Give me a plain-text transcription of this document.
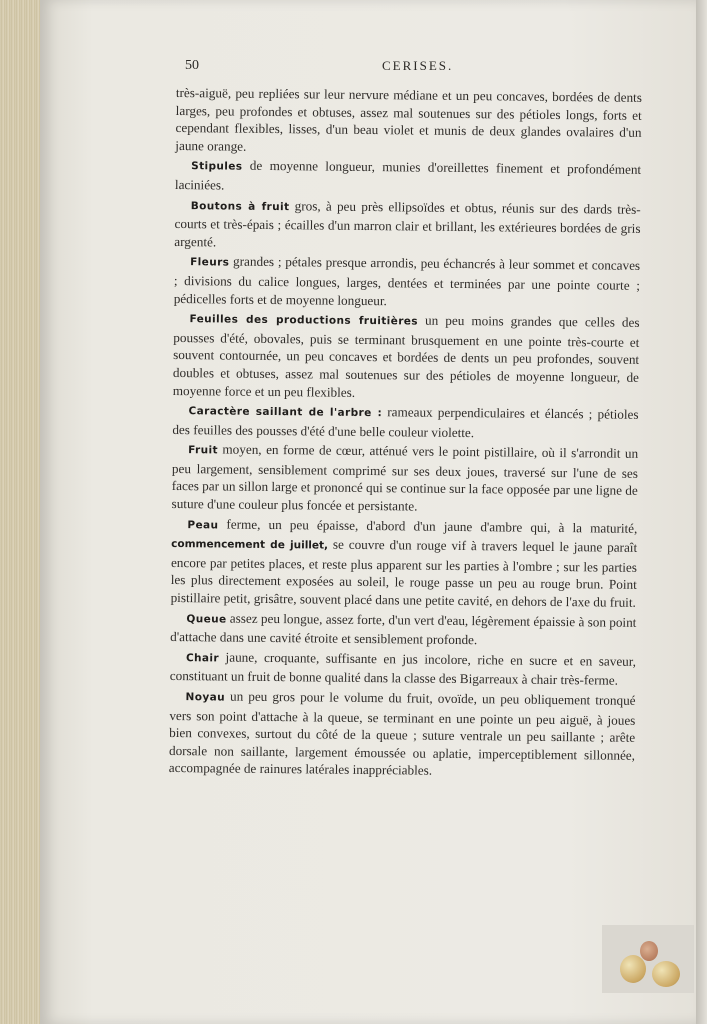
50	CERISES.

très-aiguë, peu repliées sur leur nervure médiane et un peu concaves, bordées de dents larges, peu profondes et obtuses, assez mal soutenues sur des pétioles longs, forts et cependant flexibles, lisses, d'un beau violet et munis de deux glandes ovalaires d'un jaune orange.

Stipules de moyenne longueur, munies d'oreillettes finement et profondément laciniées.

Boutons à fruit gros, à peu près ellipsoïdes et obtus, réunis sur des dards très-courts et très-épais ; écailles d'un marron clair et brillant, les extérieures bordées de gris argenté.

Fleurs grandes ; pétales presque arrondis, peu échancrés à leur sommet et concaves ; divisions du calice longues, larges, dentées et terminées par une pointe courte ; pédicelles forts et de moyenne longueur.

Feuilles des productions fruitières un peu moins grandes que celles des pousses d'été, obovales, puis se terminant brusquement en une pointe très-courte et souvent contournée, un peu concaves et bordées de dents un peu profondes, souvent doubles et obtuses, assez mal soutenues sur des pétioles de moyenne longueur, de moyenne force et un peu flexibles.

Caractère saillant de l'arbre : rameaux perpendiculaires et élancés ; pétioles des feuilles des pousses d'été d'une belle couleur violette.

Fruit moyen, en forme de cœur, atténué vers le point pistillaire, où il s'arrondit un peu largement, sensiblement comprimé sur ses deux joues, traversé sur l'une de ses faces par un sillon large et prononcé qui se continue sur la face opposée par une ligne de suture d'une couleur plus foncée et persistante.

Peau ferme, un peu épaisse, d'abord d'un jaune d'ambre qui, à la maturité, commencement de juillet, se couvre d'un rouge vif à travers lequel le jaune paraît encore par petites places, et reste plus apparent sur les parties à l'ombre ; sur les parties les plus directement exposées au soleil, le rouge passe un peu au rouge brun. Point pistillaire petit, grisâtre, souvent placé dans une petite cavité, en dehors de l'axe du fruit.

Queue assez peu longue, assez forte, d'un vert d'eau, légèrement épaissie à son point d'attache dans une cavité étroite et sensiblement profonde.

Chair jaune, croquante, suffisante en jus incolore, riche en sucre et en saveur, constituant un fruit de bonne qualité dans la classe des Bigarreaux à chair très-ferme.

Noyau un peu gros pour le volume du fruit, ovoïde, un peu obliquement tronqué vers son point d'attache à la queue, se terminant en une pointe un peu aiguë, à joues bien convexes, surtout du côté de la queue ; suture ventrale un peu saillante ; arête dorsale non saillante, largement émoussée ou aplatie, imperceptiblement sillonnée, accompagnée de rainures latérales inappréciables.
